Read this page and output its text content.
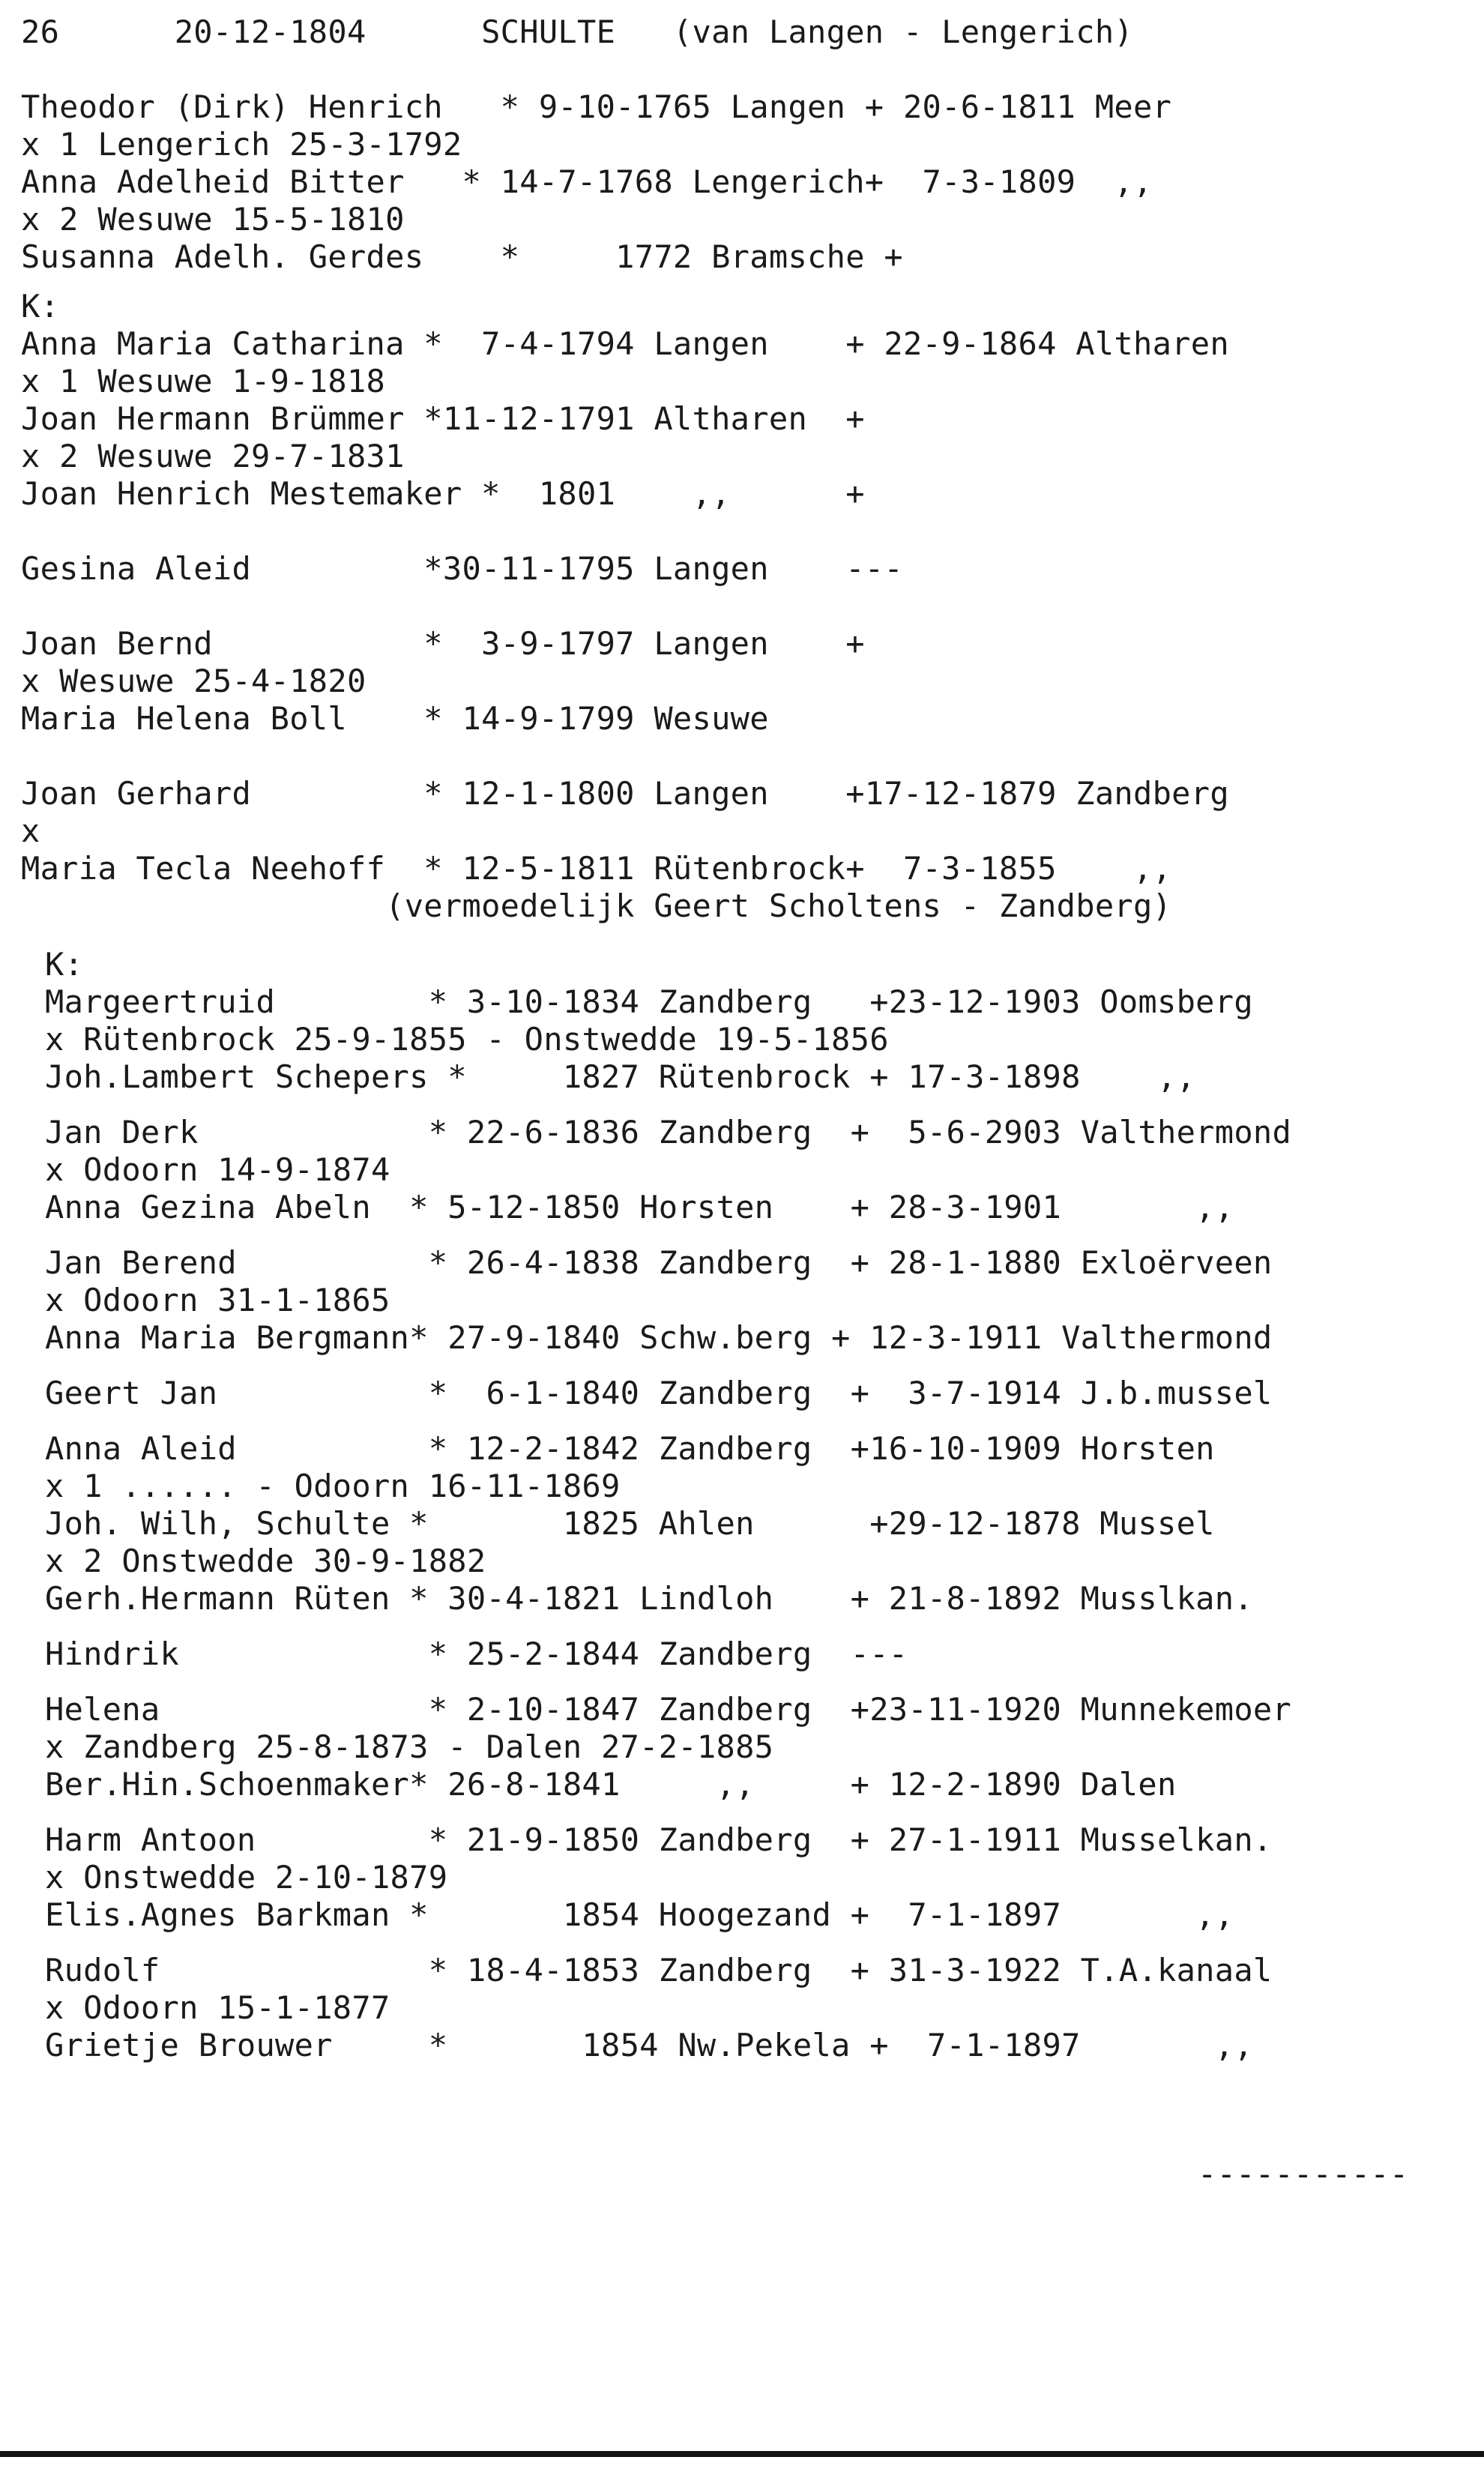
26      20-12-1804      SCHULTE   (van Langen - Lengerich)
Theodor (Dirk) Henrich   * 9-10-1765 Langen + 20-6-1811 Meer
x 1 Lengerich 25-3-1792
Anna Adelheid Bitter   * 14-7-1768 Lengerich+  7-3-1809  ,,
x 2 Wesuwe 15-5-1810
Susanna Adelh. Gerdes    *     1772 Bramsche +
K:
Anna Maria Catharina *  7-4-1794 Langen    + 22-9-1864 Altharen
x 1 Wesuwe 1-9-1818
Joan Hermann Brümmer *11-12-1791 Altharen  +
x 2 Wesuwe 29-7-1831
Joan Henrich Mestemaker *  1801    ,,      +
Gesina Aleid         *30-11-1795 Langen    ---
Joan Bernd           *  3-9-1797 Langen    +
x Wesuwe 25-4-1820
Maria Helena Boll    * 14-9-1799 Wesuwe
Joan Gerhard         * 12-1-1800 Langen    +17-12-1879 Zandberg
x
Maria Tecla Neehoff  * 12-5-1811 Rütenbrock+  7-3-1855    ,,
(vermoedelijk Geert Scholtens - Zandberg)
K:
Margeertruid        * 3-10-1834 Zandberg   +23-12-1903 Oomsberg
x Rütenbrock 25-9-1855 - Onstwedde 19-5-1856
Joh.Lambert Schepers *     1827 Rütenbrock + 17-3-1898    ,,
Jan Derk            * 22-6-1836 Zandberg  +  5-6-2903 Valthermond
x Odoorn 14-9-1874
Anna Gezina Abeln  * 5-12-1850 Horsten    + 28-3-1901       ,,
Jan Berend          * 26-4-1838 Zandberg  + 28-1-1880 Exloërveen
x Odoorn 31-1-1865
Anna Maria Bergmann* 27-9-1840 Schw.berg + 12-3-1911 Valthermond
Geert Jan           *  6-1-1840 Zandberg  +  3-7-1914 J.b.mussel
Anna Aleid          * 12-2-1842 Zandberg  +16-10-1909 Horsten
x 1 ...... - Odoorn 16-11-1869
Joh. Wilh, Schulte *       1825 Ahlen      +29-12-1878 Mussel
x 2 Onstwedde 30-9-1882
Gerh.Hermann Rüten * 30-4-1821 Lindloh    + 21-8-1892 Musslkan.
Hindrik             * 25-2-1844 Zandberg  ---
Helena              * 2-10-1847 Zandberg  +23-11-1920 Munnekemoer
x Zandberg 25-8-1873 - Dalen 27-2-1885
Ber.Hin.Schoenmaker* 26-8-1841     ,,     + 12-2-1890 Dalen
Harm Antoon         * 21-9-1850 Zandberg  + 27-1-1911 Musselkan.
x Onstwedde 2-10-1879
Elis.Agnes Barkman *       1854 Hoogezand +  7-1-1897       ,,
Rudolf              * 18-4-1853 Zandberg  + 31-3-1922 T.A.kanaal
x Odoorn 15-1-1877
Grietje Brouwer     *       1854 Nw.Pekela +  7-1-1897       ,,
-----------
